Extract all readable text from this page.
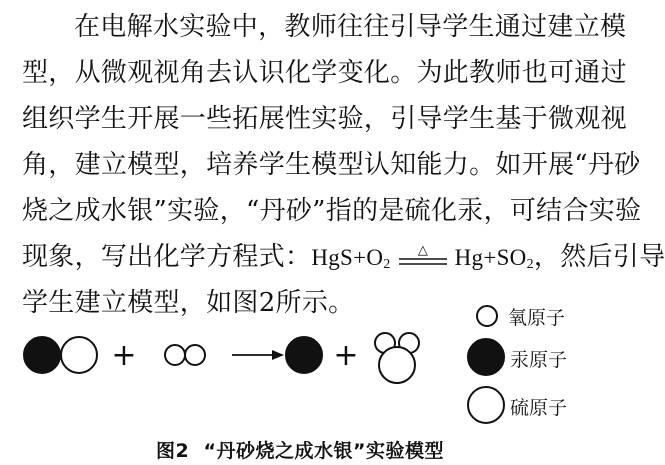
在电解水实验中，教师往往引导学生通过建立模
型，从微观视角去认识化学变化。为此教师也可通过
组织学生开展一些拓展性实验，引导学生基于微观视
角，建立模型，培养学生模型认知能力。如开展“丹砂
烧之成水银”实验，“丹砂”指的是硫化汞，可结合实验
现象，写出化学方程式：$HgS+O_2$
△ $Hg+SO_2$，然后引导
学生建立模型，如图2所示。
+	+
氧原子
汞原子
硫原子
图2 “丹砂烧之成水银”实验模型
